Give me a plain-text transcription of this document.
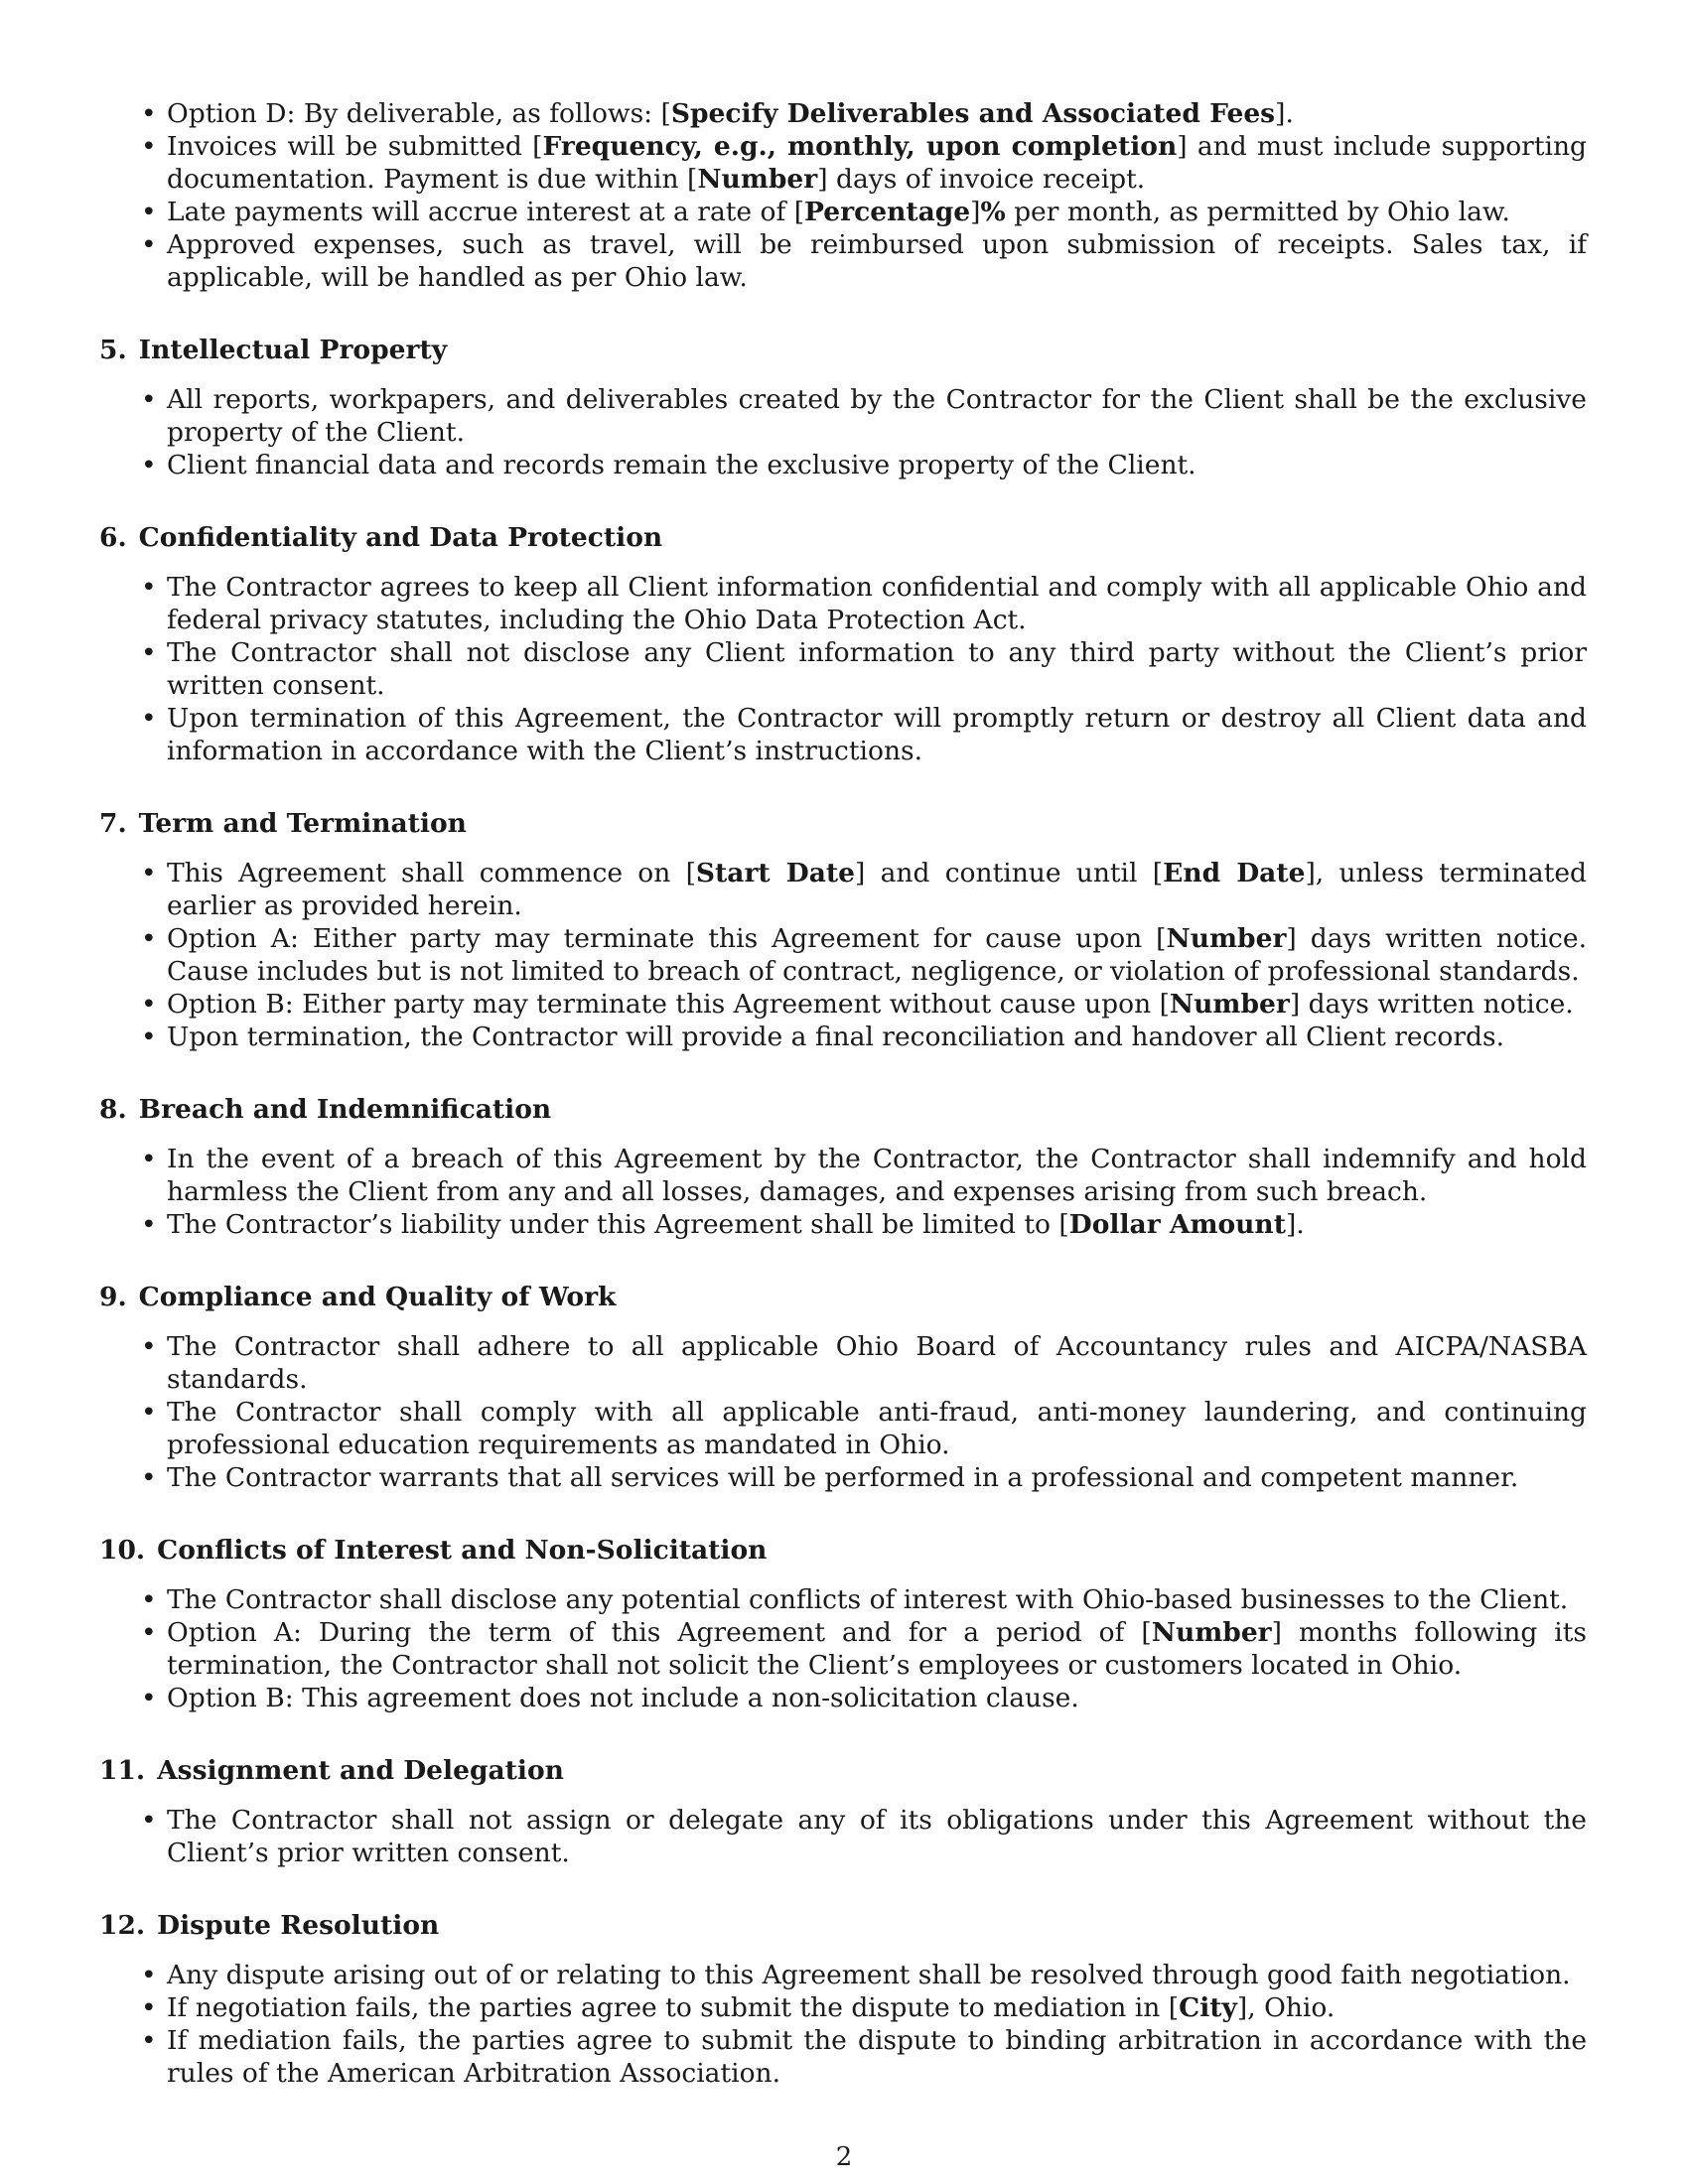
• Option D: By deliverable, as follows: [Specify Deliverables and Associated Fees].
• Invoices will be submitted [Frequency, e.g., monthly, upon completion] and must include supporting documentation. Payment is due within [Number] days of invoice receipt.
• Late payments will accrue interest at a rate of [Percentage]% per month, as permitted by Ohio law.
• Approved expenses, such as travel, will be reimbursed upon submission of receipts. Sales tax, if applicable, will be handled as per Ohio law.
5. Intellectual Property
• All reports, workpapers, and deliverables created by the Contractor for the Client shall be the exclusive property of the Client.
• Client financial data and records remain the exclusive property of the Client.
6. Confidentiality and Data Protection
• The Contractor agrees to keep all Client information confidential and comply with all applicable Ohio and federal privacy statutes, including the Ohio Data Protection Act.
• The Contractor shall not disclose any Client information to any third party without the Client’s prior written consent.
• Upon termination of this Agreement, the Contractor will promptly return or destroy all Client data and information in accordance with the Client’s instructions.
7. Term and Termination
• This Agreement shall commence on [Start Date] and continue until [End Date], unless terminated earlier as provided herein.
• Option A: Either party may terminate this Agreement for cause upon [Number] days written notice. Cause includes but is not limited to breach of contract, negligence, or violation of professional standards.
• Option B: Either party may terminate this Agreement without cause upon [Number] days written notice.
• Upon termination, the Contractor will provide a final reconciliation and handover all Client records.
8. Breach and Indemnification
• In the event of a breach of this Agreement by the Contractor, the Contractor shall indemnify and hold harmless the Client from any and all losses, damages, and expenses arising from such breach.
• The Contractor’s liability under this Agreement shall be limited to [Dollar Amount].
9. Compliance and Quality of Work
• The Contractor shall adhere to all applicable Ohio Board of Accountancy rules and AICPA/NASBA standards.
• The Contractor shall comply with all applicable anti-fraud, anti-money laundering, and continuing professional education requirements as mandated in Ohio.
• The Contractor warrants that all services will be performed in a professional and competent manner.
10. Conflicts of Interest and Non-Solicitation
• The Contractor shall disclose any potential conflicts of interest with Ohio-based businesses to the Client.
• Option A: During the term of this Agreement and for a period of [Number] months following its termination, the Contractor shall not solicit the Client’s employees or customers located in Ohio.
• Option B: This agreement does not include a non-solicitation clause.
11. Assignment and Delegation
• The Contractor shall not assign or delegate any of its obligations under this Agreement without the Client’s prior written consent.
12. Dispute Resolution
• Any dispute arising out of or relating to this Agreement shall be resolved through good faith negotiation.
• If negotiation fails, the parties agree to submit the dispute to mediation in [City], Ohio.
• If mediation fails, the parties agree to submit the dispute to binding arbitration in accordance with the rules of the American Arbitration Association.
2
